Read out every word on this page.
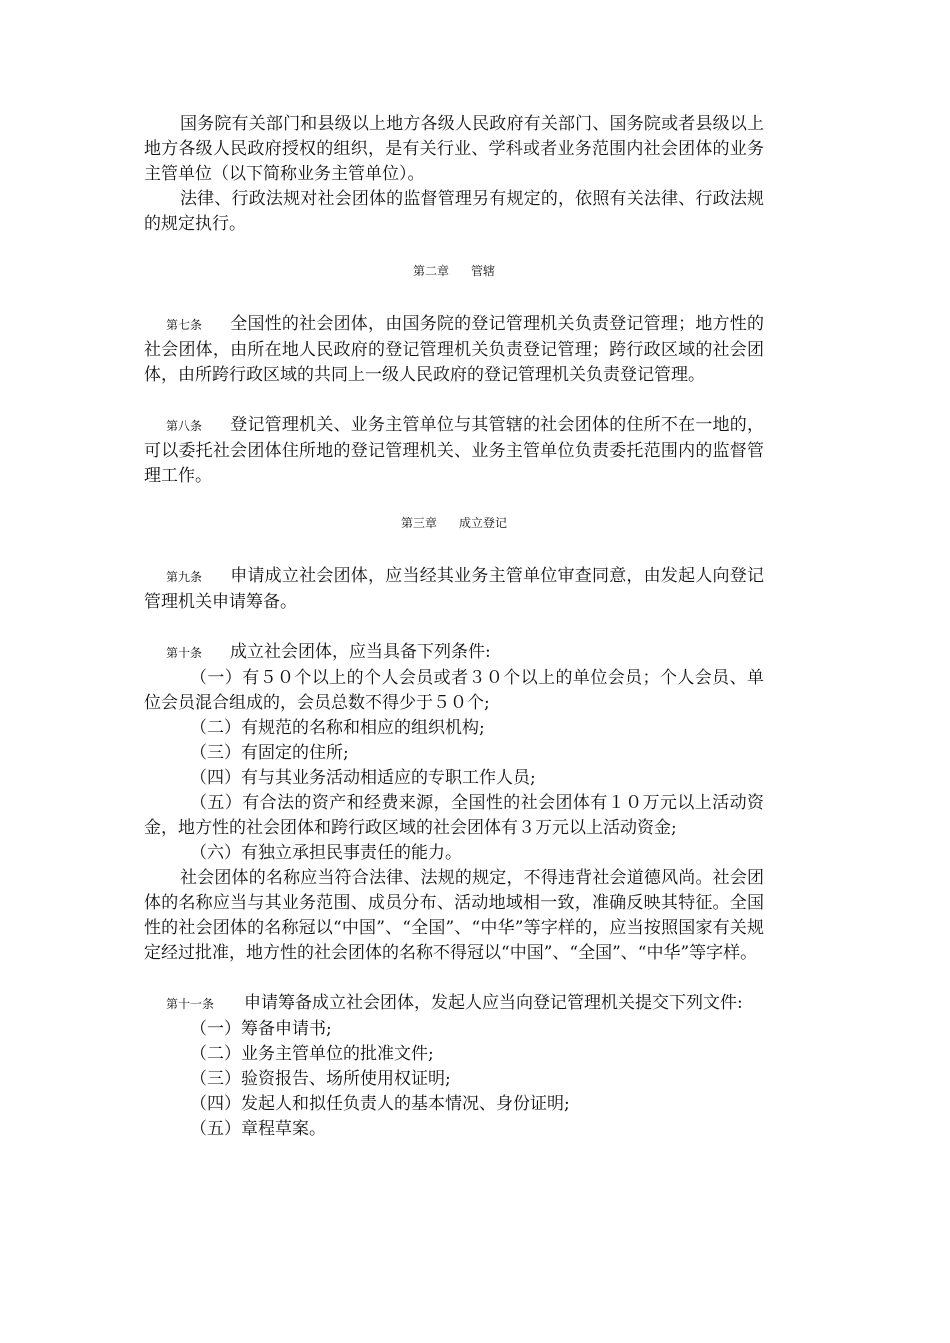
国务院有关部门和县级以上地方各级人民政府有关部门、国务院或者县级以上地方各级人民政府授权的组织，是有关行业、学科或者业务范围内社会团体的业务主管单位（以下简称业务主管单位）。

法律、行政法规对社会团体的监督管理另有规定的，依照有关法律、行政法规的规定执行。

第二章 管辖

第七条 全国性的社会团体，由国务院的登记管理机关负责登记管理；地方性的社会团体，由所在地人民政府的登记管理机关负责登记管理；跨行政区域的社会团体，由所跨行政区域的共同上一级人民政府的登记管理机关负责登记管理。

第八条 登记管理机关、业务主管单位与其管辖的社会团体的住所不在一地的，可以委托社会团体住所地的登记管理机关、业务主管单位负责委托范围内的监督管理工作。

第三章 成立登记

第九条 申请成立社会团体，应当经其业务主管单位审查同意，由发起人向登记管理机关申请筹备。

第十条 成立社会团体，应当具备下列条件:

（一）有５０个以上的个人会员或者３０个以上的单位会员；个人会员、单位会员混合组成的，会员总数不得少于５０个;

（二）有规范的名称和相应的组织机构;

（三）有固定的住所;

（四）有与其业务活动相适应的专职工作人员;

（五）有合法的资产和经费来源，全国性的社会团体有１０万元以上活动资金，地方性的社会团体和跨行政区域的社会团体有３万元以上活动资金;

（六）有独立承担民事责任的能力。

社会团体的名称应当符合法律、法规的规定，不得违背社会道德风尚。社会团体的名称应当与其业务范围、成员分布、活动地域相一致，准确反映其特征。全国性的社会团体的名称冠以“中国”、“全国”、“中华”等字样的，应当按照国家有关规定经过批准，地方性的社会团体的名称不得冠以“中国”、“全国”、“中华”等字样。

第十一条 申请筹备成立社会团体，发起人应当向登记管理机关提交下列文件:

（一）筹备申请书;

（二）业务主管单位的批准文件;

（三）验资报告、场所使用权证明;

（四）发起人和拟任负责人的基本情况、身份证明;

（五）章程草案。
